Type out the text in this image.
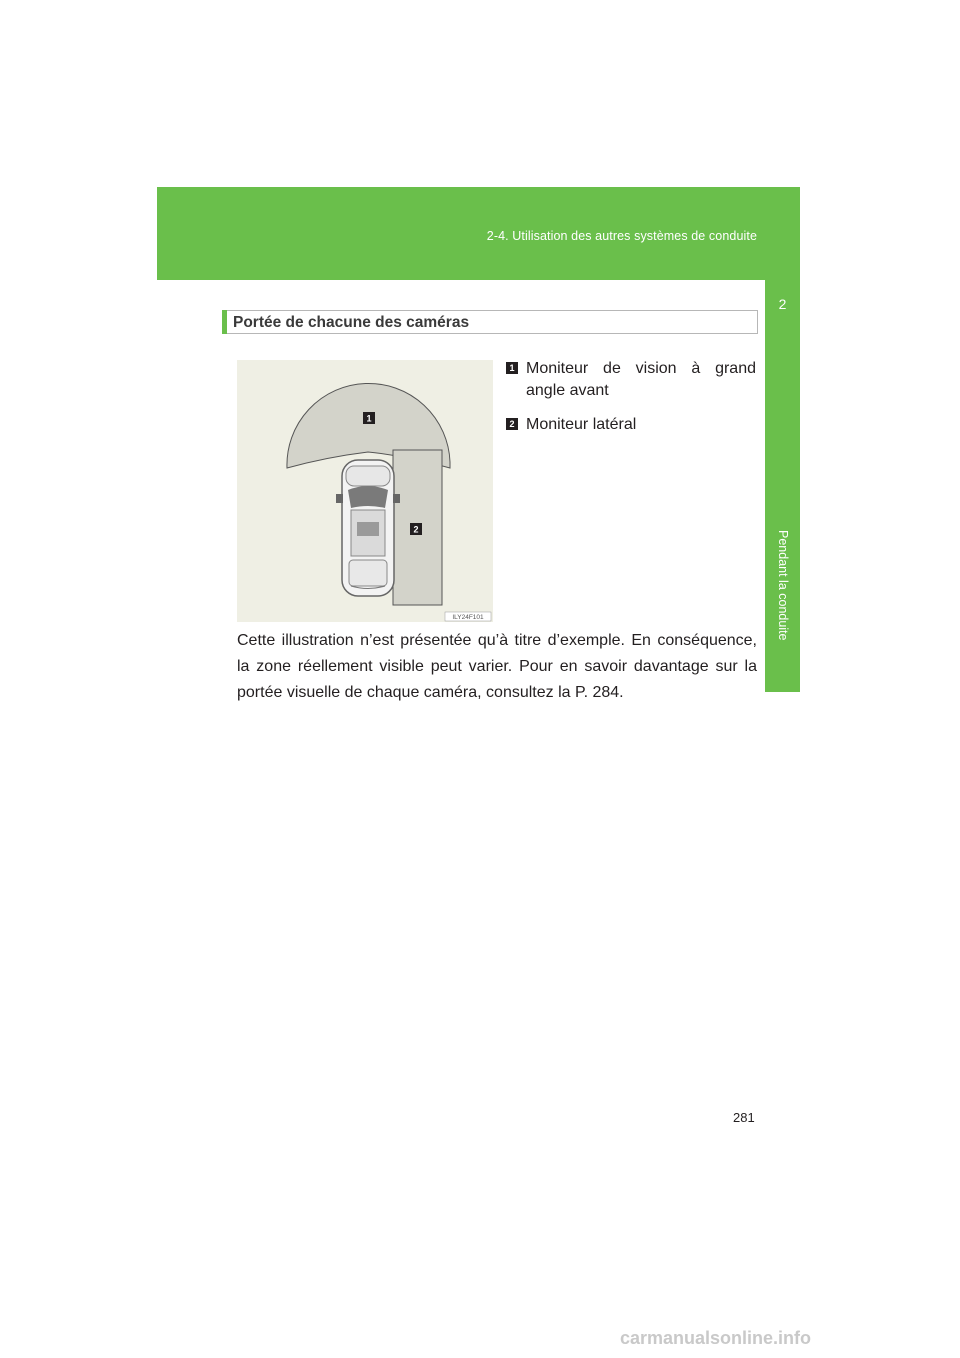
2-4. Utilisation des autres systèmes de conduite
2
Pendant la conduite
Portée de chacune des caméras
1
2
ILY24F101
1 Moniteur de vision à grand angle avant
2 Moniteur latéral
Cette illustration n’est présentée qu’à titre d’exemple. En conséquence, la zone réellement visible peut varier. Pour en savoir davantage sur la portée visuelle de chaque caméra, consultez la P. 284.
281
carmanualsonline.info
